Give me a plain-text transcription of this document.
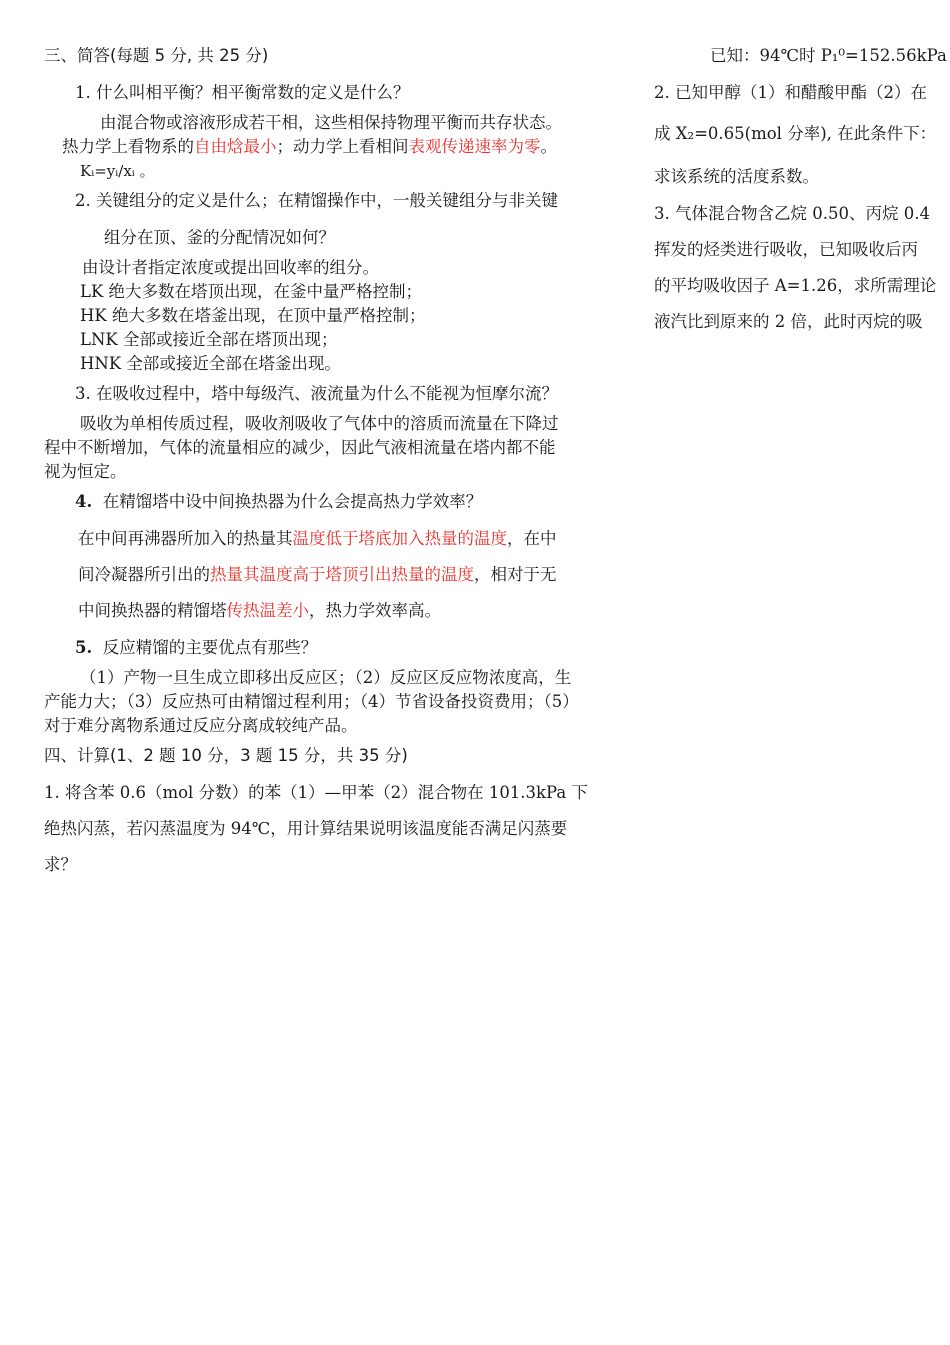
三、简答(每题 5 分, 共 25 分)
1. 什么叫相平衡？相平衡常数的定义是什么？
由混合物或溶液形成若干相，这些相保持物理平衡而共存状态。
热力学上看物系的自由焓最小；动力学上看相间表观传递速率为零。
Kᵢ=yᵢ/xᵢ 。
2. 关键组分的定义是什么；在精馏操作中，一般关键组分与非关键
组分在顶、釜的分配情况如何？
由设计者指定浓度或提出回收率的组分。
LK 绝大多数在塔顶出现，在釜中量严格控制；
HK 绝大多数在塔釜出现，在顶中量严格控制；
LNK 全部或接近全部在塔顶出现；
HNK 全部或接近全部在塔釜出现。
3. 在吸收过程中，塔中每级汽、液流量为什么不能视为恒摩尔流？
吸收为单相传质过程，吸收剂吸收了气体中的溶质而流量在下降过
程中不断增加，气体的流量相应的减少，因此气液相流量在塔内都不能
视为恒定。
4. 在精馏塔中设中间换热器为什么会提高热力学效率？
在中间再沸器所加入的热量其温度低于塔底加入热量的温度，在中
间冷凝器所引出的热量其温度高于塔顶引出热量的温度，相对于无
中间换热器的精馏塔传热温差小，热力学效率高。
5. 反应精馏的主要优点有那些？
（1）产物一旦生成立即移出反应区；（2）反应区反应物浓度高，生
产能力大；（3）反应热可由精馏过程利用；（4）节省设备投资费用；（5）
对于难分离物系通过反应分离成较纯产品。
四、计算(1、2 题 10 分，3 题 15 分，共 35 分)
1. 将含苯 0.6（mol 分数）的苯（1）—甲苯（2）混合物在 101.3kPa 下
绝热闪蒸，若闪蒸温度为 94℃，用计算结果说明该温度能否满足闪蒸要
求？
已知：94℃时 P₁⁰=152.56kPa
2. 已知甲醇（1）和醋酸甲酯（2）在
成 X₂=0.65(mol 分率), 在此条件下：
求该系统的活度系数。
3. 气体混合物含乙烷 0.50、丙烷 0.4
挥发的烃类进行吸收，已知吸收后丙
的平均吸收因子 A=1.26，求所需理论
液汽比到原来的 2 倍，此时丙烷的吸
